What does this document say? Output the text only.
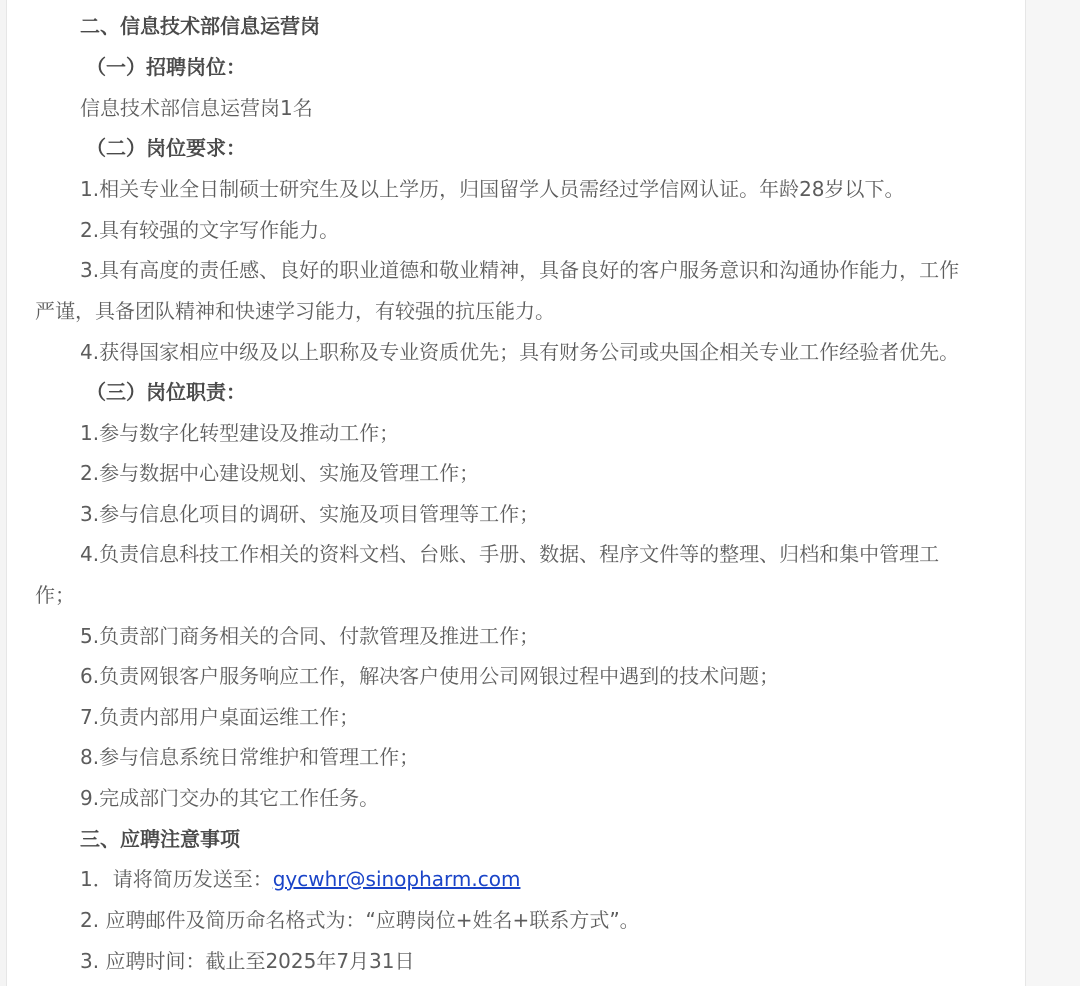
二、信息技术部信息运营岗
（一）招聘岗位：
信息技术部信息运营岗1名
（二）岗位要求：
1.相关专业全日制硕士研究生及以上学历，归国留学人员需经过学信网认证。年龄28岁以下。
2.具有较强的文字写作能力。
3.具有高度的责任感、良好的职业道德和敬业精神，具备良好的客户服务意识和沟通协作能力，工作
严谨，具备团队精神和快速学习能力，有较强的抗压能力。
4.获得国家相应中级及以上职称及专业资质优先；具有财务公司或央国企相关专业工作经验者优先。
（三）岗位职责：
1.参与数字化转型建设及推动工作；
2.参与数据中心建设规划、实施及管理工作；
3.参与信息化项目的调研、实施及项目管理等工作；
4.负责信息科技工作相关的资料文档、台账、手册、数据、程序文件等的整理、归档和集中管理工
作；
5.负责部门商务相关的合同、付款管理及推进工作；
6.负责网银客户服务响应工作，解决客户使用公司网银过程中遇到的技术问题；
7.负责内部用户桌面运维工作；
8.参与信息系统日常维护和管理工作；
9.完成部门交办的其它工作任务。
三、应聘注意事项
1．请将简历发送至：gycwhr@sinopharm.com
2. 应聘邮件及简历命名格式为：“应聘岗位+姓名+联系方式”。
3. 应聘时间：截止至2025年7月31日
